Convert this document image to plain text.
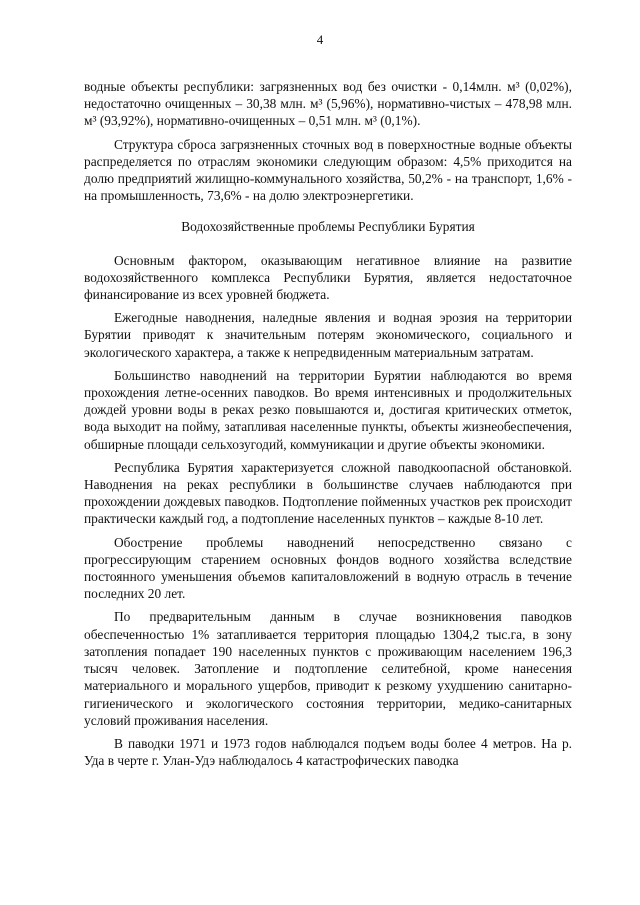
4

водные объекты республики: загрязненных вод без очистки - 0,14млн. м³ (0,02%), недостаточно очищенных – 30,38 млн. м³ (5,96%), нормативно-чистых – 478,98 млн. м³ (93,92%), нормативно-очищенных – 0,51 млн. м³ (0,1%).

Структура сброса загрязненных сточных вод в поверхностные водные объекты распределяется по отраслям экономики следующим образом: 4,5% приходится на долю предприятий жилищно-коммунального хозяйства, 50,2% - на транспорт, 1,6% - на промышленность, 73,6% - на долю электроэнергетики.

Водохозяйственные проблемы Республики Бурятия

Основным фактором, оказывающим негативное влияние на развитие водохозяйственного комплекса Республики Бурятия, является недостаточное финансирование из всех уровней бюджета.

Ежегодные наводнения, наледные явления и водная эрозия на территории Бурятии приводят к значительным потерям экономического, социального и экологического характера, а также к непредвиденным материальным затратам.

Большинство наводнений на территории Бурятии наблюдаются во время прохождения летне-осенних паводков. Во время интенсивных и продолжительных дождей уровни воды в реках резко повышаются и, достигая критических отметок, вода выходит на пойму, затапливая населенные пункты, объекты жизнеобеспечения, обширные площади сельхозугодий, коммуникации и другие объекты экономики.

Республика Бурятия характеризуется сложной паводкоопасной обстановкой. Наводнения на реках республики в большинстве случаев наблюдаются при прохождении дождевых паводков. Подтопление пойменных участков рек происходит практически каждый год, а подтопление населенных пунктов – каждые 8-10 лет.

Обострение проблемы наводнений непосредственно связано с прогрессирующим старением основных фондов водного хозяйства вследствие постоянного уменьшения объемов капиталовложений в водную отрасль в течение последних 20 лет.

По предварительным данным в случае возникновения паводков обеспеченностью 1% затапливается территория площадью 1304,2 тыс.га, в зону затопления попадает 190 населенных пунктов с проживающим населением 196,3 тысяч человек. Затопление и подтопление селитебной, кроме нанесения материального и морального ущербов, приводит к резкому ухудшению санитарно-гигиенического и экологического состояния территории, медико-санитарных условий проживания населения.

В паводки 1971 и 1973 годов наблюдался подъем воды более 4 метров. На р. Уда в черте г. Улан-Удэ наблюдалось 4 катастрофических паводка
